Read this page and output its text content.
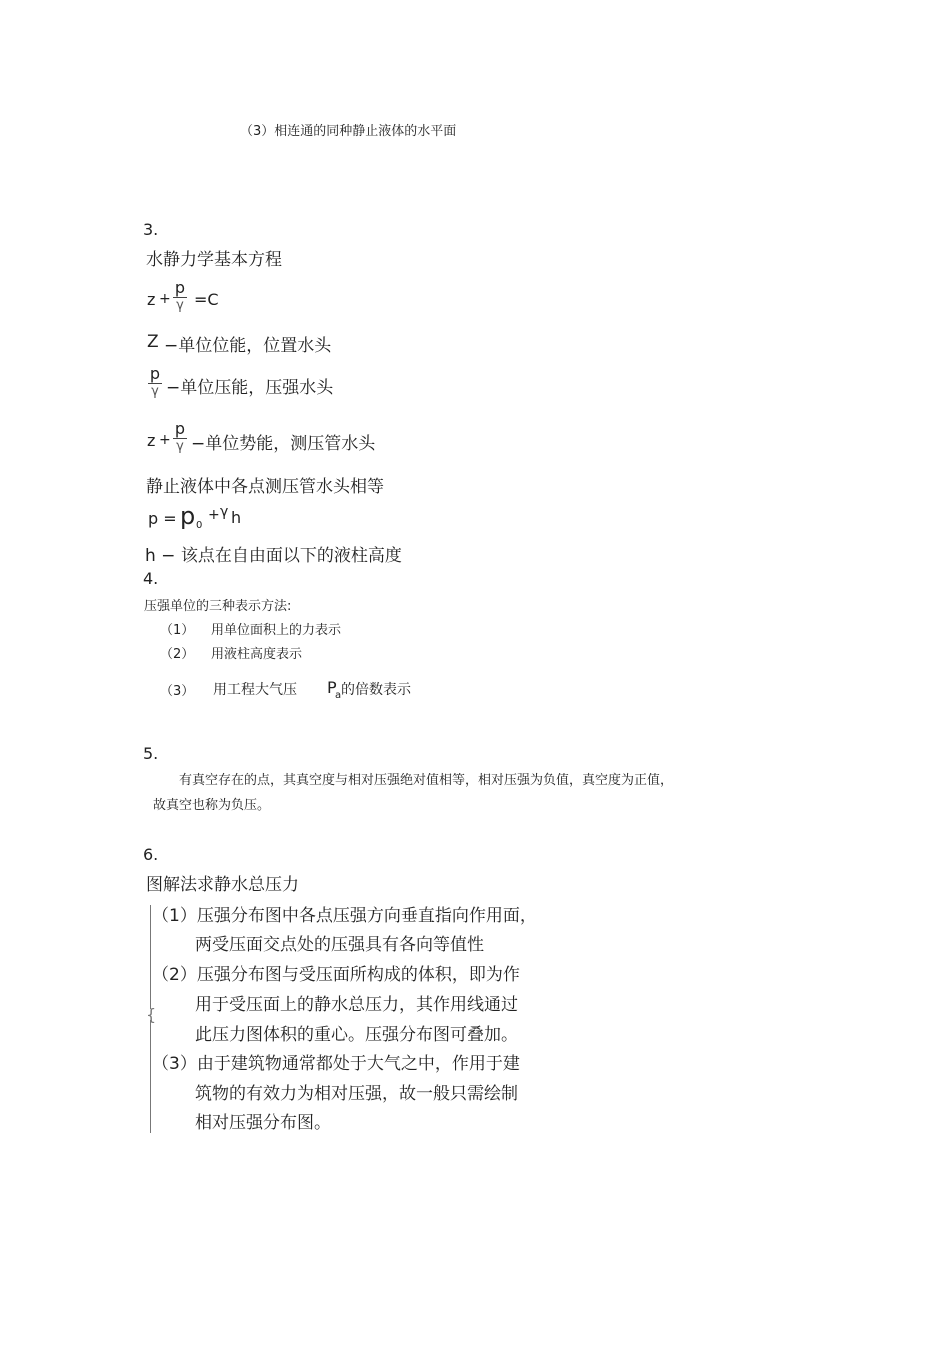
（3）相连通的同种静止液体的水平面
3.
水静力学基本方程
z +
p
γ =C
Z −单位位能，位置水头
p
γ −单位压能，压强水头
z +
p
γ −单位势能，测压管水头
静止液体中各点测压管水头相等
p = p 0
+ γ h
h − 该点在自由面以下的液柱高度
4.
压强单位的三种表示方法:
（1） 用单位面积上的力表示
（2） 用液柱高度表示
（3） 用工程大气压 P
a 的倍数表示
5.
有真空存在的点，其真空度与相对压强绝对值相等，相对压强为负值，真空度为正值，
故真空也称为负压。
6.
图解法求静水总压力
{
（1）压强分布图中各点压强方向垂直指向作用面，
两受压面交点处的压强具有各向等值性
（2）压强分布图与受压面所构成的体积，即为作
用于受压面上的静水总压力，其作用线通过
此压力图体积的重心。压强分布图可叠加。
（3）由于建筑物通常都处于大气之中，作用于建
筑物的有效力为相对压强，故一般只需绘制
相对压强分布图。
